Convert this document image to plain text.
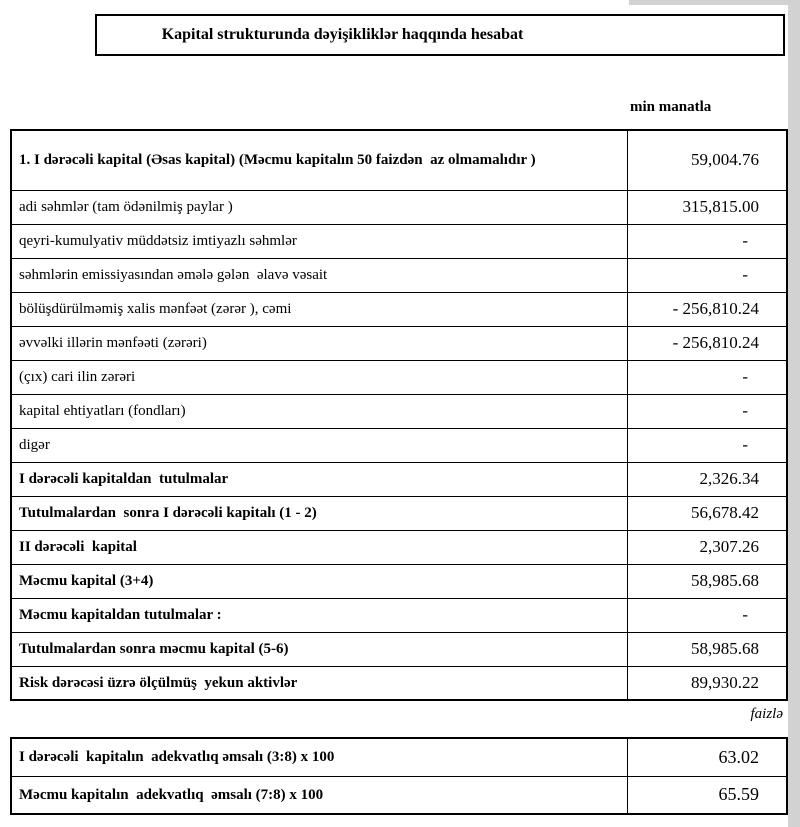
Kapital strukturunda dəyişikliklər haqqında hesabat
min manatla
1. I dərəcəli kapital (Əsas kapital) (Məcmu kapitalın 50 faizdən  az olmamalıdır )	59,004.76
adi səhmlər (tam ödənilmiş paylar )	315,815.00
qeyri-kumulyativ müddətsiz imtiyazlı səhmlər	-
səhmlərin emissiyasından əmələ gələn  əlavə vəsait	-
bölüşdürülməmiş xalis mənfəət (zərər ), cəmi	- 256,810.24
əvvəlki illərin mənfəəti (zərəri)	- 256,810.24
(çıx) cari ilin zərəri	-
kapital ehtiyatları (fondları)	-
digər	-
I dərəcəli kapitaldan  tutulmalar	2,326.34
Tutulmalardan  sonra I dərəcəli kapitalı (1 - 2)	56,678.42
II dərəcəli  kapital	2,307.26
Məcmu kapital (3+4)	58,985.68
Məcmu kapitaldan tutulmalar :	-
Tutulmalardan sonra məcmu kapital (5-6)	58,985.68
Risk dərəcəsi üzrə ölçülmüş  yekun aktivlər	89,930.22
faizlə
I dərəcəli  kapitalın  adekvatlıq əmsalı (3:8) x 100	63.02
Məcmu kapitalın  adekvatlıq  əmsalı (7:8) x 100	65.59
